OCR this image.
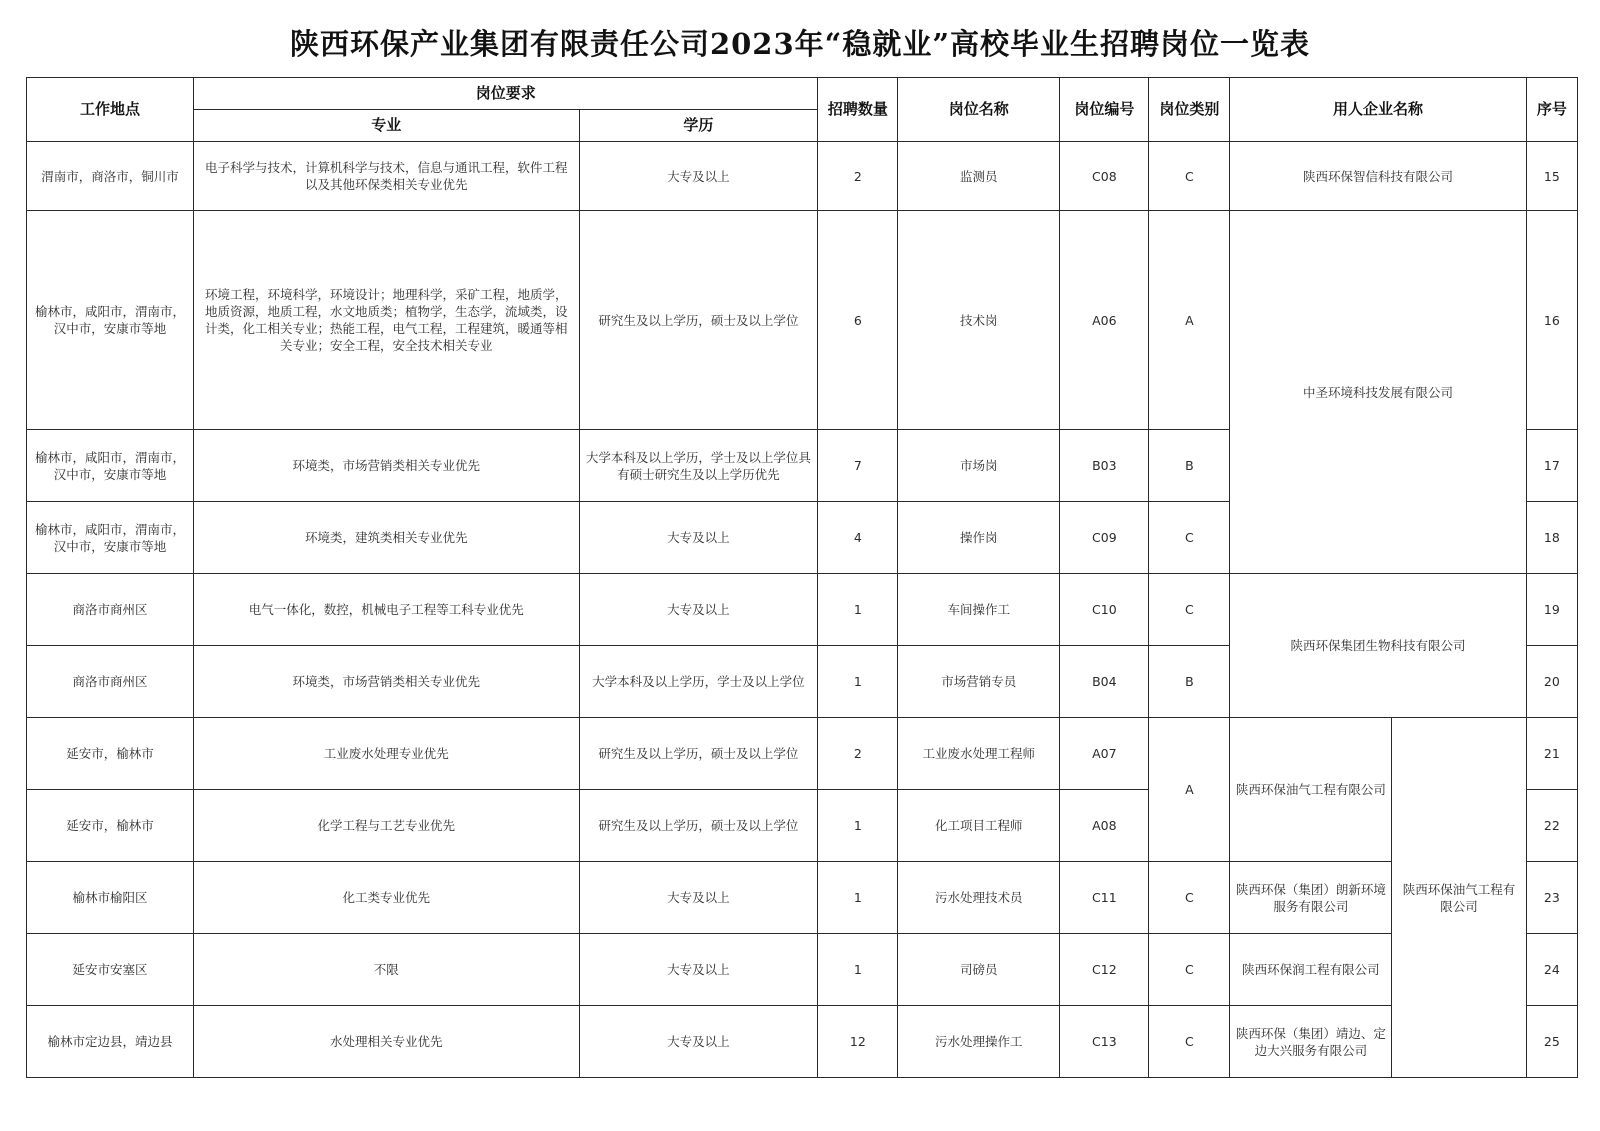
陕西环保产业集团有限责任公司2023年“稳就业”高校毕业生招聘岗位一览表
工作地点	岗位要求		招聘数量	岗位名称	岗位编号	岗位类别	用人企业名称		序号
	专业	学历							
渭南市，商洛市，铜川市	电子科学与技术，计算机科学与技术，信息与通讯工程，软件工程以及其他环保类相关专业优先	大专及以上	2	监测员	C08	C	陕西环保智信科技有限公司		15
榆林市，咸阳市，渭南市，汉中市，安康市等地	环境工程，环境科学，环境设计；地理科学，采矿工程，地质学，地质资源，地质工程，水文地质类；植物学，生态学，流域类，设计类，化工相关专业；热能工程，电气工程，工程建筑，暖通等相关专业；安全工程，安全技术相关专业	研究生及以上学历，硕士及以上学位	6	技术岗	A06	A	中圣环境科技发展有限公司		16
榆林市，咸阳市，渭南市，汉中市，安康市等地	环境类，市场营销类相关专业优先	大学本科及以上学历，学士及以上学位具有硕士研究生及以上学历优先	7	市场岗	B03	B			17
榆林市，咸阳市，渭南市，汉中市，安康市等地	环境类，建筑类相关专业优先	大专及以上	4	操作岗	C09	C			18
商洛市商州区	电气一体化，数控，机械电子工程等工科专业优先	大专及以上	1	车间操作工	C10	C	陕西环保集团生物科技有限公司		19
商洛市商州区	环境类，市场营销类相关专业优先	大学本科及以上学历，学士及以上学位	1	市场营销专员	B04	B			20
延安市，榆林市	工业废水处理专业优先	研究生及以上学历，硕士及以上学位	2	工业废水处理工程师	A07	A	陕西环保油气工程有限公司	陕西环保油气工程有限公司	21
延安市，榆林市	化学工程与工艺专业优先	研究生及以上学历，硕士及以上学位	1	化工项目工程师	A08				22
榆林市榆阳区	化工类专业优先	大专及以上	1	污水处理技术员	C11	C	陕西环保（集团）朗新环境服务有限公司		23
延安市安塞区	不限	大专及以上	1	司磅员	C12	C	陕西环保润工程有限公司		24
榆林市定边县，靖边县	水处理相关专业优先	大专及以上	12	污水处理操作工	C13	C	陕西环保（集团）靖边、定边大兴服务有限公司		25
